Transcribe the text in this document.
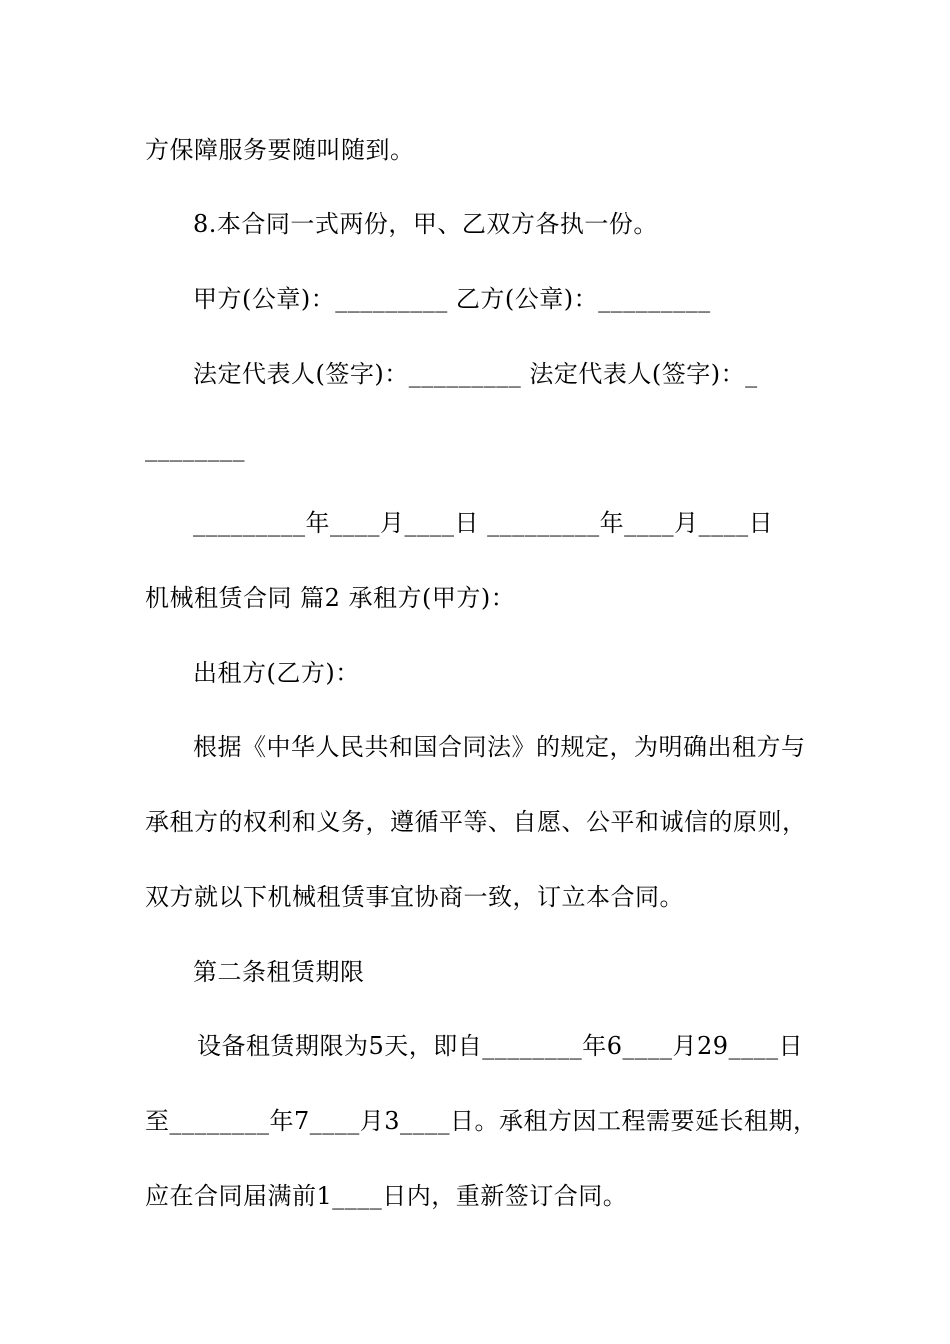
方保障服务要随叫随到。
8.本合同一式两份，甲、乙双方各执一份。
甲方(公章)：_________ 乙方(公章)：_________
法定代表人(签字)：_________ 法定代表人(签字)：_
________
_________年____月____日 _________年____月____日
机械租赁合同 篇2 承租方(甲方)：
出租方(乙方)：
根据《中华人民共和国合同法》的规定，为明确出租方与
承租方的权利和义务，遵循平等、自愿、公平和诚信的原则，
双方就以下机械租赁事宜协商一致，订立本合同。
第二条租赁期限
设备租赁期限为5天，即自________年6____月29____日
至________年7____月3____日。承租方因工程需要延长租期，
应在合同届满前1____日内，重新签订合同。
